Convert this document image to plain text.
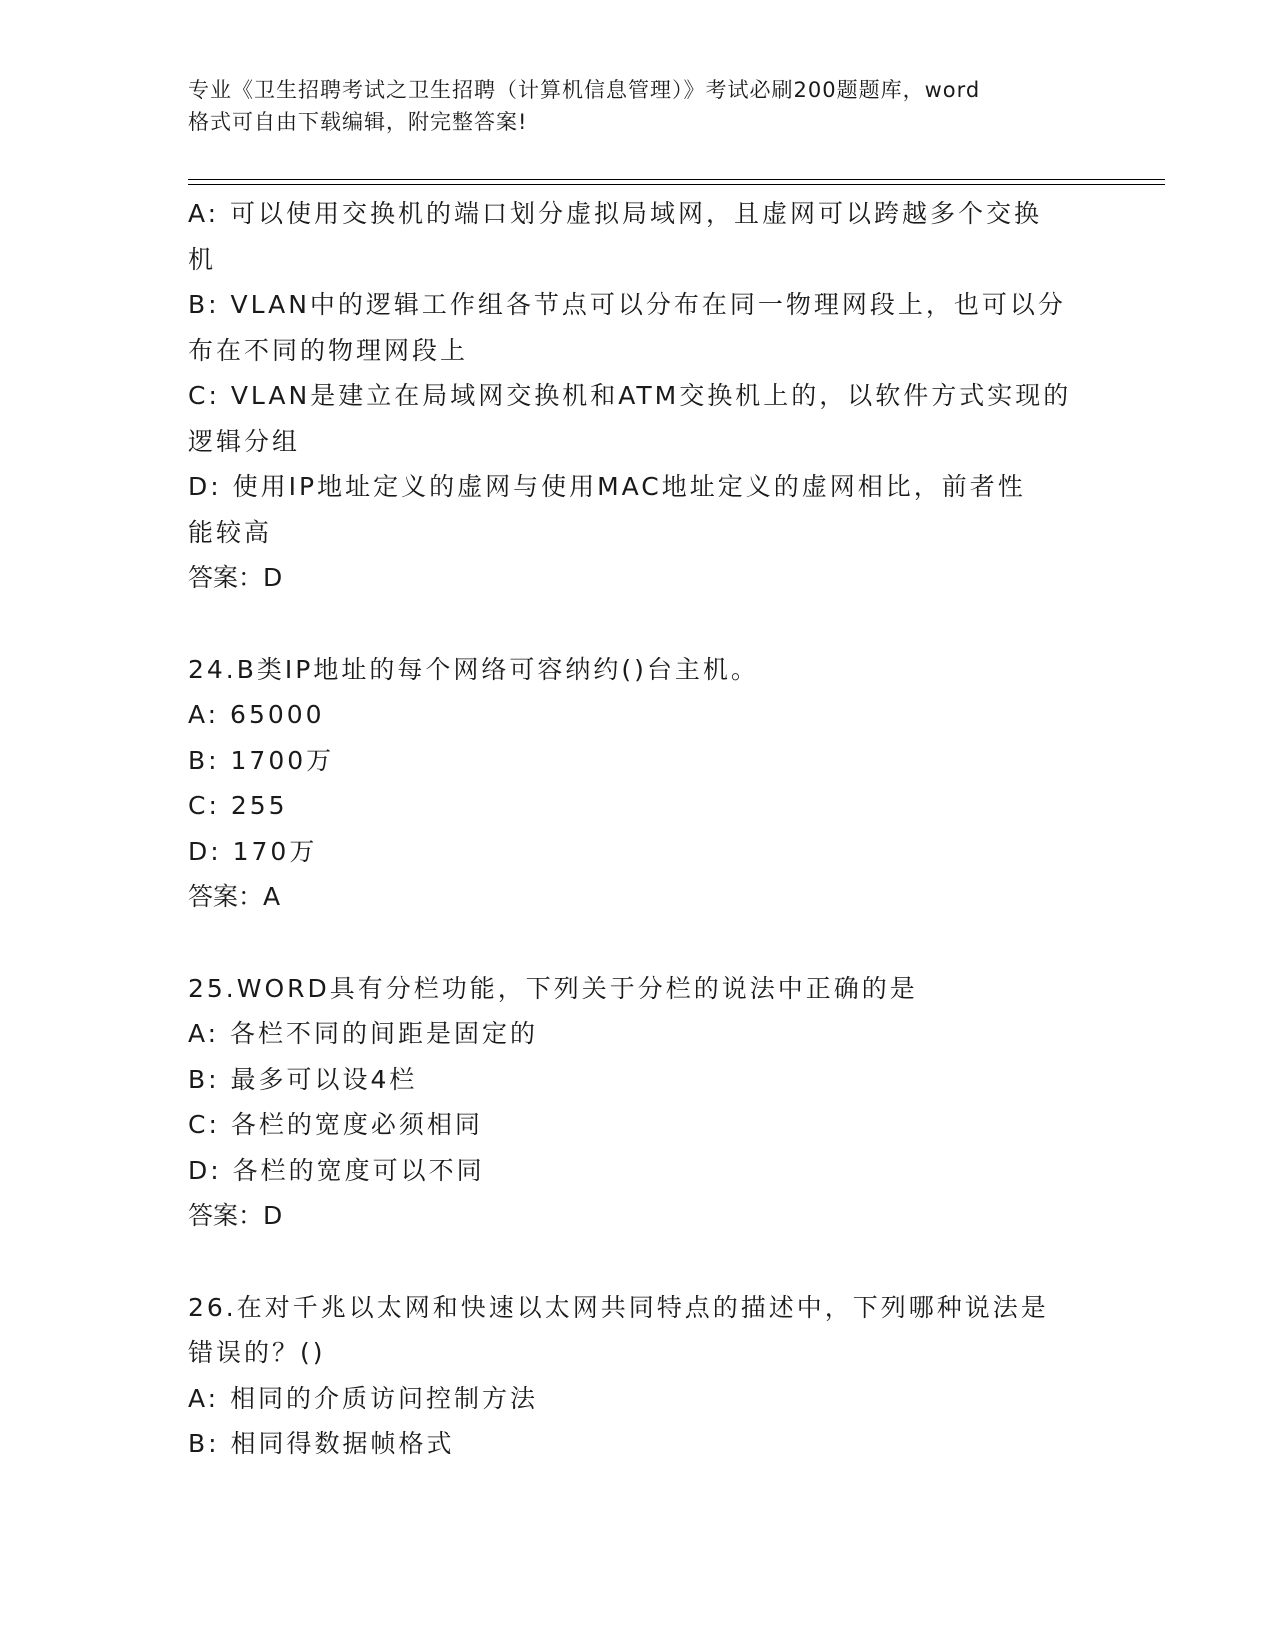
专业《卫生招聘考试之卫生招聘（计算机信息管理）》考试必刷200题题库，word
格式可自由下载编辑，附完整答案!
A: 可以使用交换机的端口划分虚拟局域网，且虚网可以跨越多个交换
机
B: VLAN中的逻辑工作组各节点可以分布在同一物理网段上，也可以分
布在不同的物理网段上
C: VLAN是建立在局域网交换机和ATM交换机上的，以软件方式实现的
逻辑分组
D: 使用IP地址定义的虚网与使用MAC地址定义的虚网相比，前者性
能较高
答案：D
24.B类IP地址的每个网络可容纳约()台主机。
A: 65000
B: 1700万
C: 255
D: 170万
答案：A
25.WORD具有分栏功能，下列关于分栏的说法中正确的是
A: 各栏不同的间距是固定的
B: 最多可以设4栏
C: 各栏的宽度必须相同
D: 各栏的宽度可以不同
答案：D
26.在对千兆以太网和快速以太网共同特点的描述中，下列哪种说法是
错误的？()
A: 相同的介质访问控制方法
B: 相同得数据帧格式
